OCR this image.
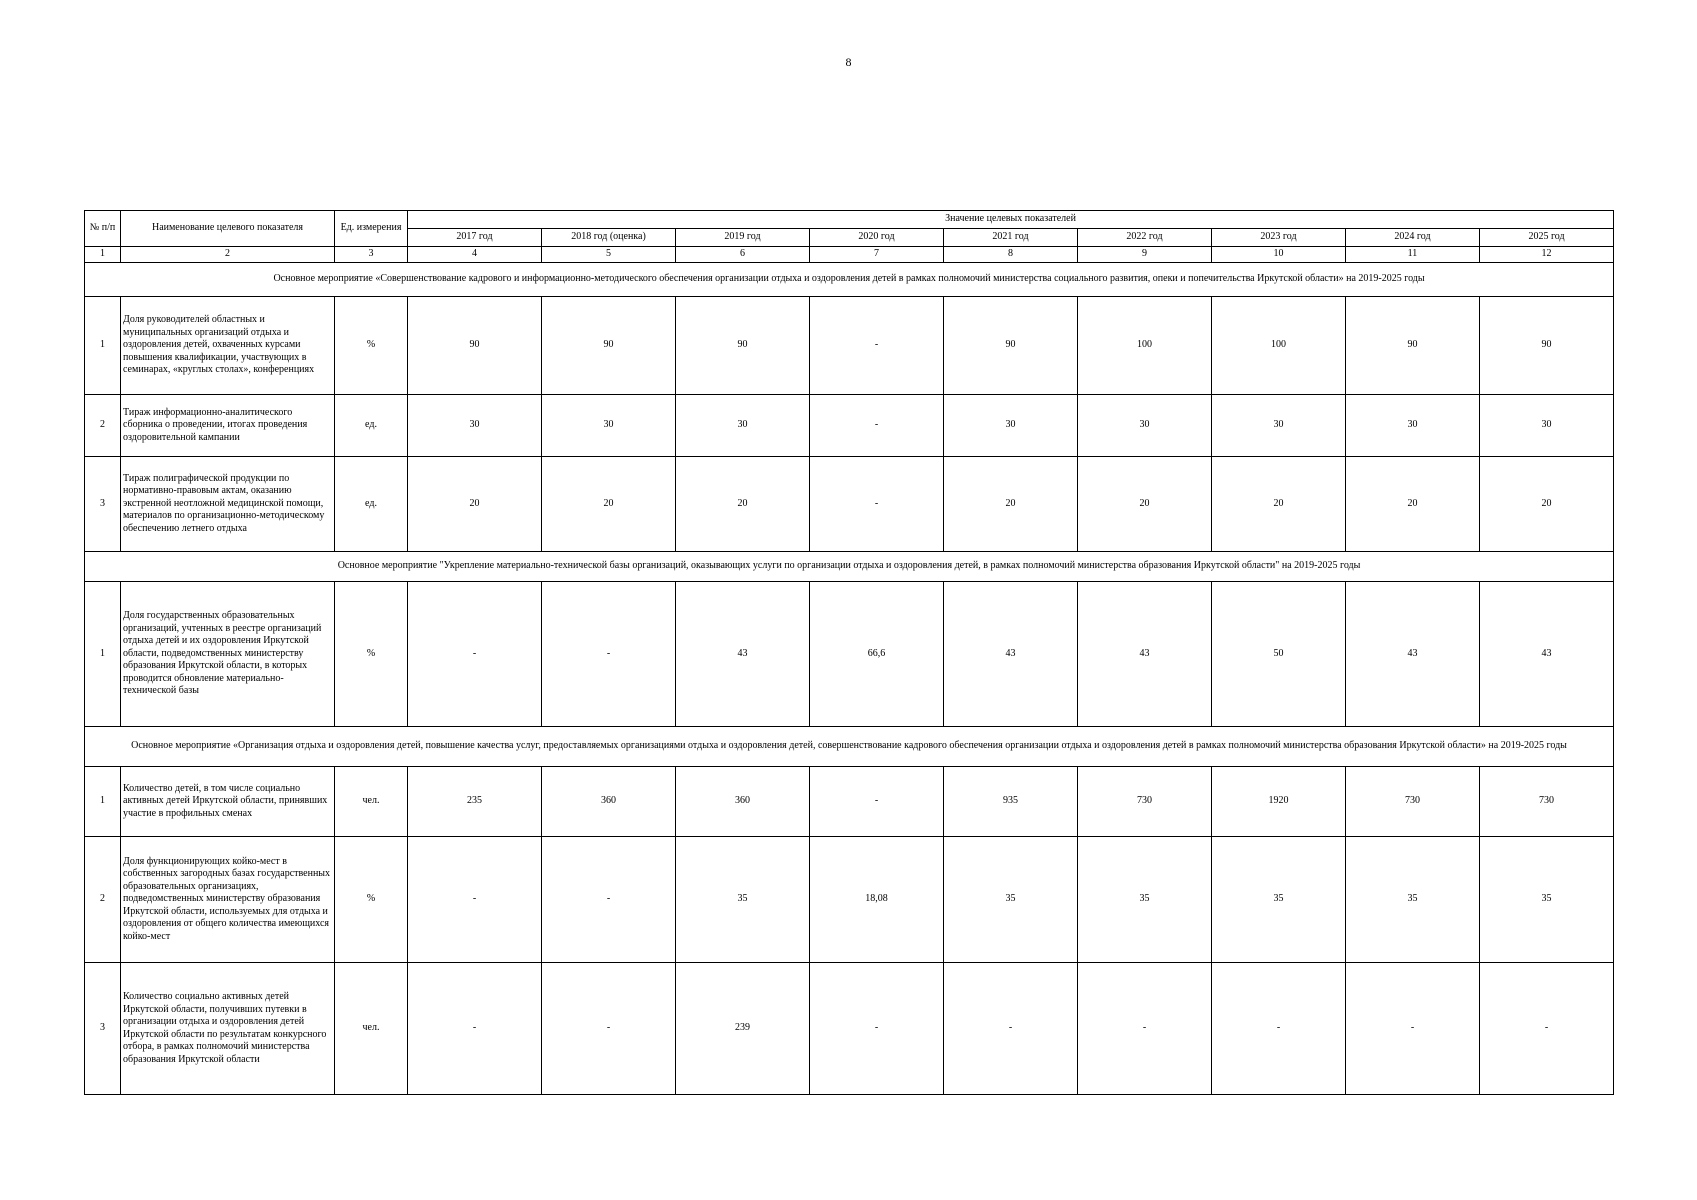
8
№ п/п	Наименование целевого показателя	Ед. измерения	Значение целевых показателей								
			2017 год	2018 год (оценка)	2019 год	2020 год	2021 год	2022 год	2023 год	2024 год	2025 год
1	2	3	4	5	6	7	8	9	10	11	12
Основное мероприятие «Совершенствование кадрового и информационно-методического обеспечения организации отдыха и оздоровления детей в рамках полномочий министерства социального развития, опеки и попечительства Иркутской области» на 2019-2025 годы											
1	Доля руководителей областных и муниципальных организаций отдыха и оздоровления детей, охваченных курсами повышения квалификации, участвующих в семинарах, «круглых столах», конференциях	%	90	90	90	-	90	100	100	90	90
2	Тираж информационно-аналитического сборника о проведении, итогах проведения оздоровительной кампании	ед.	30	30	30	-	30	30	30	30	30
3	Тираж полиграфической продукции по нормативно-правовым актам, оказанию экстренной неотложной медицинской помощи, материалов по организационно-методическому обеспечению летнего отдыха	ед.	20	20	20	-	20	20	20	20	20
Основное мероприятие "Укрепление материально-технической базы организаций, оказывающих услуги по организации отдыха и оздоровления детей, в рамках полномочий министерства образования Иркутской области" на 2019-2025 годы											
1	Доля государственных образовательных организаций, учтенных в реестре организаций отдыха детей и их оздоровления Иркутской области, подведомственных министерству образования Иркутской области, в которых проводится обновление материально-технической базы	%	-	-	43	66,6	43	43	50	43	43
Основное мероприятие «Организация отдыха и оздоровления детей, повышение качества услуг, предоставляемых организациями отдыха и оздоровления детей, совершенствование кадрового обеспечения организации отдыха и оздоровления детей в рамках полномочий министерства образования Иркутской области» на 2019-2025 годы											
1	Количество детей, в том числе социально активных детей Иркутской области, принявших участие в профильных сменах	чел.	235	360	360	-	935	730	1920	730	730
2	Доля функционирующих койко-мест в собственных загородных базах государственных образовательных организациях, подведомственных министерству образования Иркутской области, используемых для отдыха и оздоровления от общего количества имеющихся койко-мест	%	-	-	35	18,08	35	35	35	35	35
3	Количество социально активных детей Иркутской области, получивших путевки в организации отдыха и оздоровления детей Иркутской области по результатам конкурсного отбора, в рамках полномочий министерства образования Иркутской области	чел.	-	-	239	-	-	-	-	-	-
